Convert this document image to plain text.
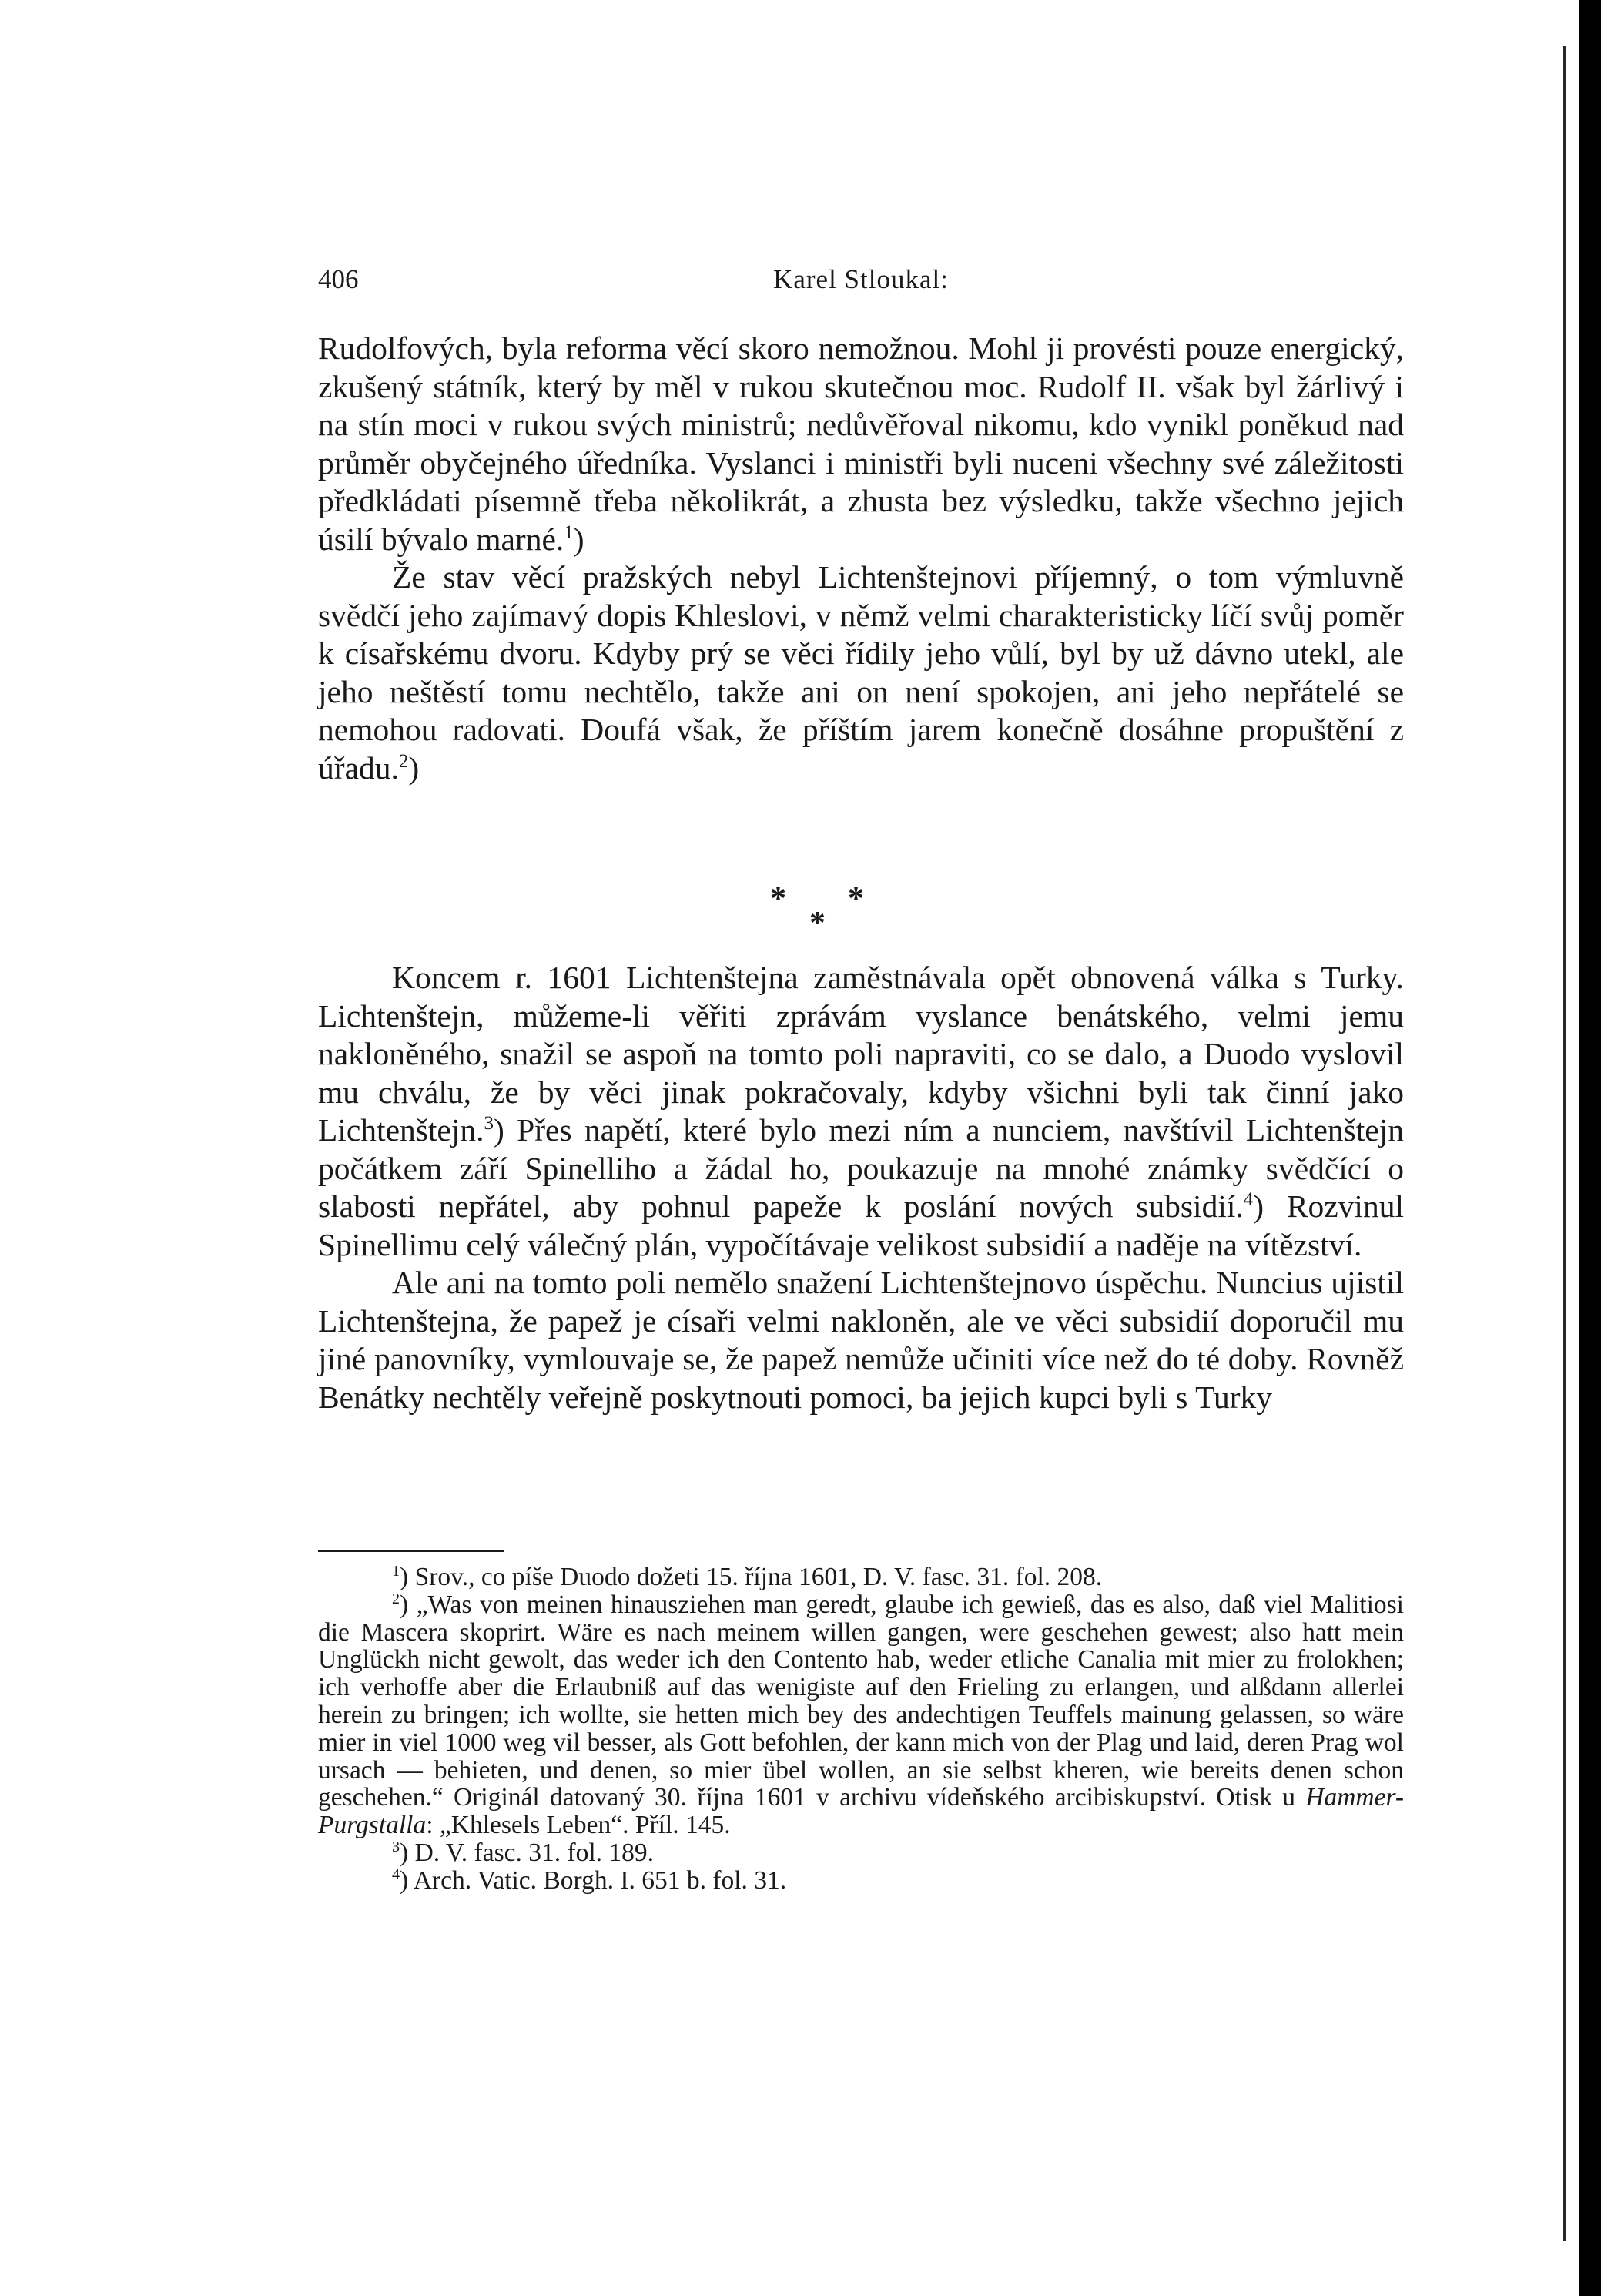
406	Karel Stloukal:

Rudolfových, byla reforma věcí skoro nemožnou. Mohl ji provésti pouze energický, zkušený státník, který by měl v rukou skutečnou moc. Rudolf II. však byl žárlivý i na stín moci v rukou svých ministrů; nedůvěřoval nikomu, kdo vynikl poněkud nad průměr obyčejného úředníka. Vyslanci i ministři byli nuceni všechny své záležitosti předkládati písemně třeba několikrát, a zhusta bez výsledku, takže všechno jejich úsilí bývalo marné.$^1$)

Že stav věcí pražských nebyl Lichtenštejnovi příjemný, o tom výmluvně svědčí jeho zajímavý dopis Khleslovi, v němž velmi charakteristicky líčí svůj poměr k císařskému dvoru. Kdyby prý se věci řídily jeho vůlí, byl by už dávno utekl, ale jeho neštěstí tomu nechtělo, takže ani on není spokojen, ani jeho nepřátelé se nemohou radovati. Doufá však, že příštím jarem konečně dosáhne propuštění z úřadu.$^2$)

* *
*

Koncem r. 1601 Lichtenštejna zaměstnávala opět obnovená válka s Turky. Lichtenštejn, můžeme-li věřiti zprávám vyslance benátského, velmi jemu nakloněného, snažil se aspoň na tomto poli napraviti, co se dalo, a Duodo vyslovil mu chválu, že by věci jinak pokračovaly, kdyby všichni byli tak činní jako Lichtenštejn.$^3$) Přes napětí, které bylo mezi ním a nunciem, navštívil Lichtenštejn počátkem září Spinelliho a žádal ho, poukazuje na mnohé známky svědčící o slabosti nepřátel, aby pohnul papeže k poslání nových subsidií.$^4$) Rozvinul Spinellimu celý válečný plán, vypočítávaje velikost subsidií a naděje na vítězství.

Ale ani na tomto poli nemělo snažení Lichtenštejnovo úspěchu. Nuncius ujistil Lichtenštejna, že papež je císaři velmi nakloněn, ale ve věci subsidií doporučil mu jiné panovníky, vymlouvaje se, že papež nemůže učiniti více než do té doby. Rovněž Benátky nechtěly veřejně poskytnouti pomoci, ba jejich kupci byli s Turky

$^1$) Srov., co píše Duodo dožeti 15. října 1601, D. V. fasc. 31. fol. 208.

$^2$) „Was von meinen hinausziehen man geredt, glaube ich gewieß, das es also, daß viel Malitiosi die Mascera skoprirt. Wäre es nach meinem willen gangen, were geschehen gewest; also hatt mein Unglückh nicht gewolt, das weder ich den Contento hab, weder etliche Canalia mit mier zu frolokhen; ich verhoffe aber die Erlaubniß auf das wenigiste auf den Frieling zu erlangen, und alßdann allerlei herein zu bringen; ich wollte, sie hetten mich bey des andechtigen Teuffels mainung gelassen, so wäre mier in viel 1000 weg vil besser, als Gott befohlen, der kann mich von der Plag und laid, deren Prag wol ursach — behieten, und denen, so mier übel wollen, an sie selbst kheren, wie bereits denen schon geschehen.“ Originál datovaný 30. října 1601 v archivu vídeňského arcibiskupství. Otisk u Hammer-Purgstalla: „Khlesels Leben“. Příl. 145.

$^3$) D. V. fasc. 31. fol. 189.

$^4$) Arch. Vatic. Borgh. I. 651 b. fol. 31.
